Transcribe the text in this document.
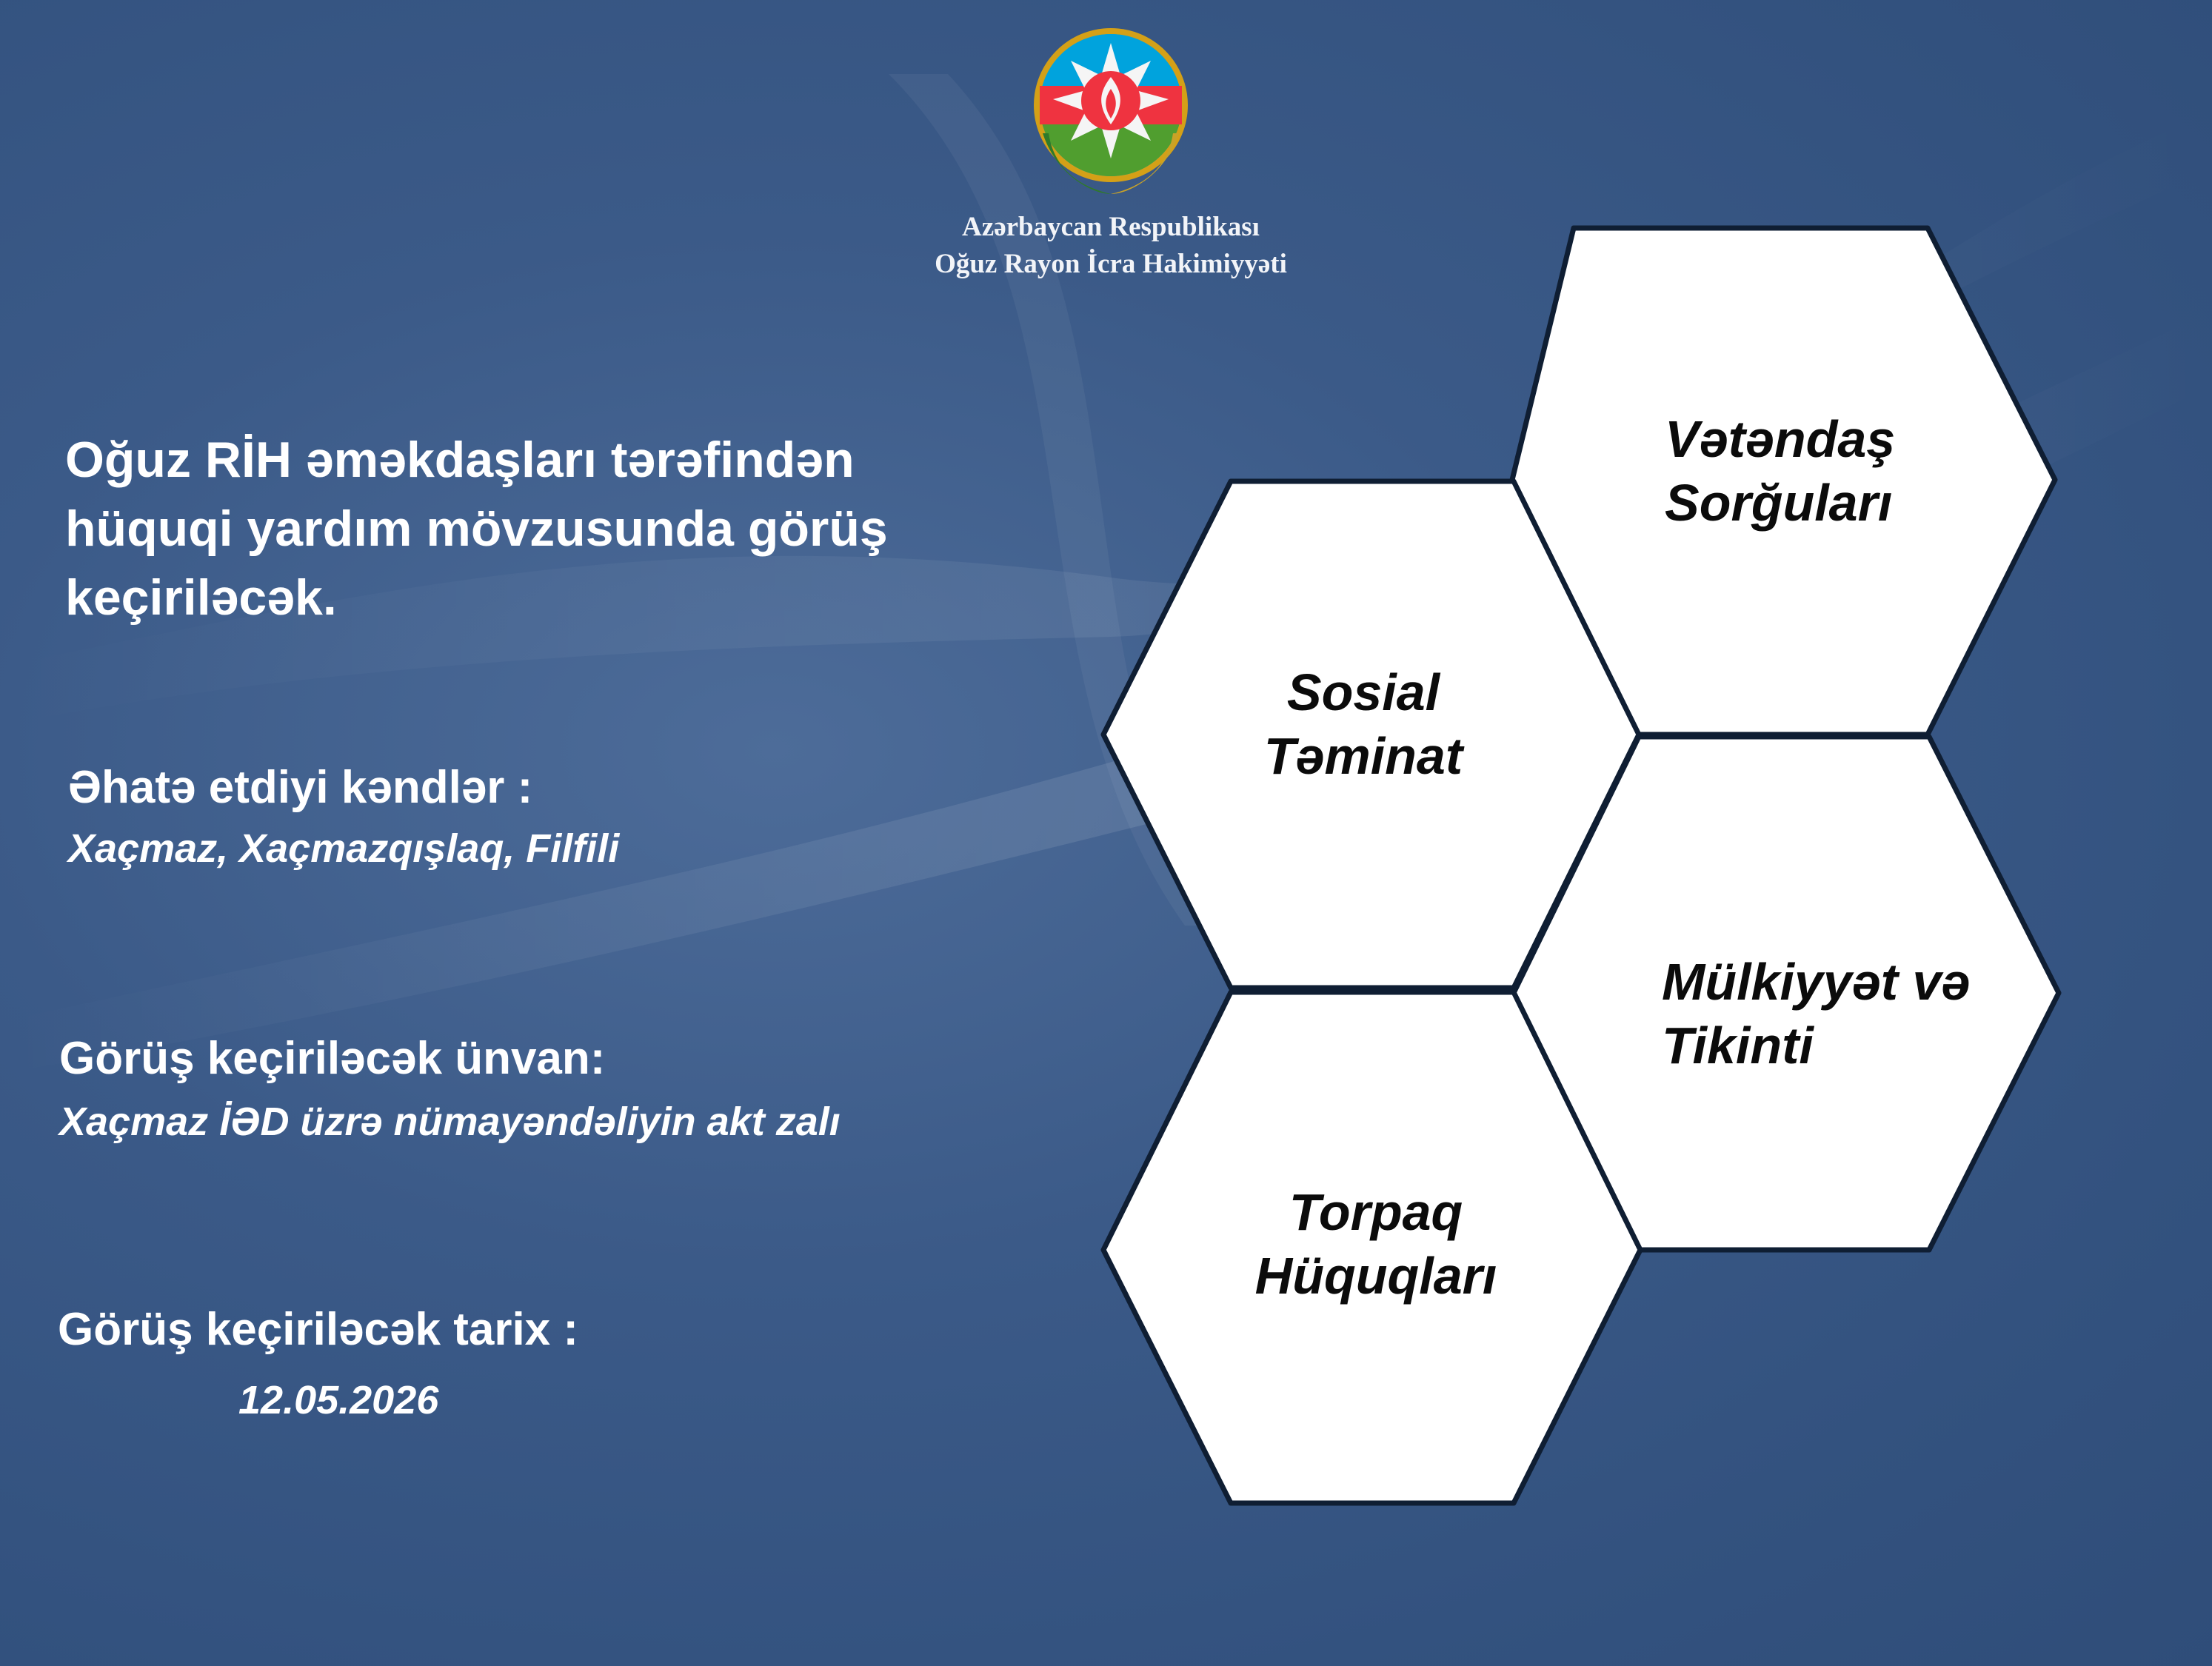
Azərbaycan Respublikası
Oğuz Rayon İcra Hakimiyyəti
Oğuz RİH əməkdaşları tərəfindən
hüquqi yardım mövzusunda görüş
keçiriləcək.
Əhatə etdiyi kəndlər :
Xaçmaz, Xaçmazqışlaq, Filfili
Görüş keçiriləcək ünvan:
Xaçmaz İƏD üzrə nümayəndəliyin akt zalı
Görüş keçiriləcək tarix :
12.05.2026
Vətəndaş
Sorğuları
Sosial
Təminat
Mülkiyyət və
Tikinti
Torpaq
Hüquqları
